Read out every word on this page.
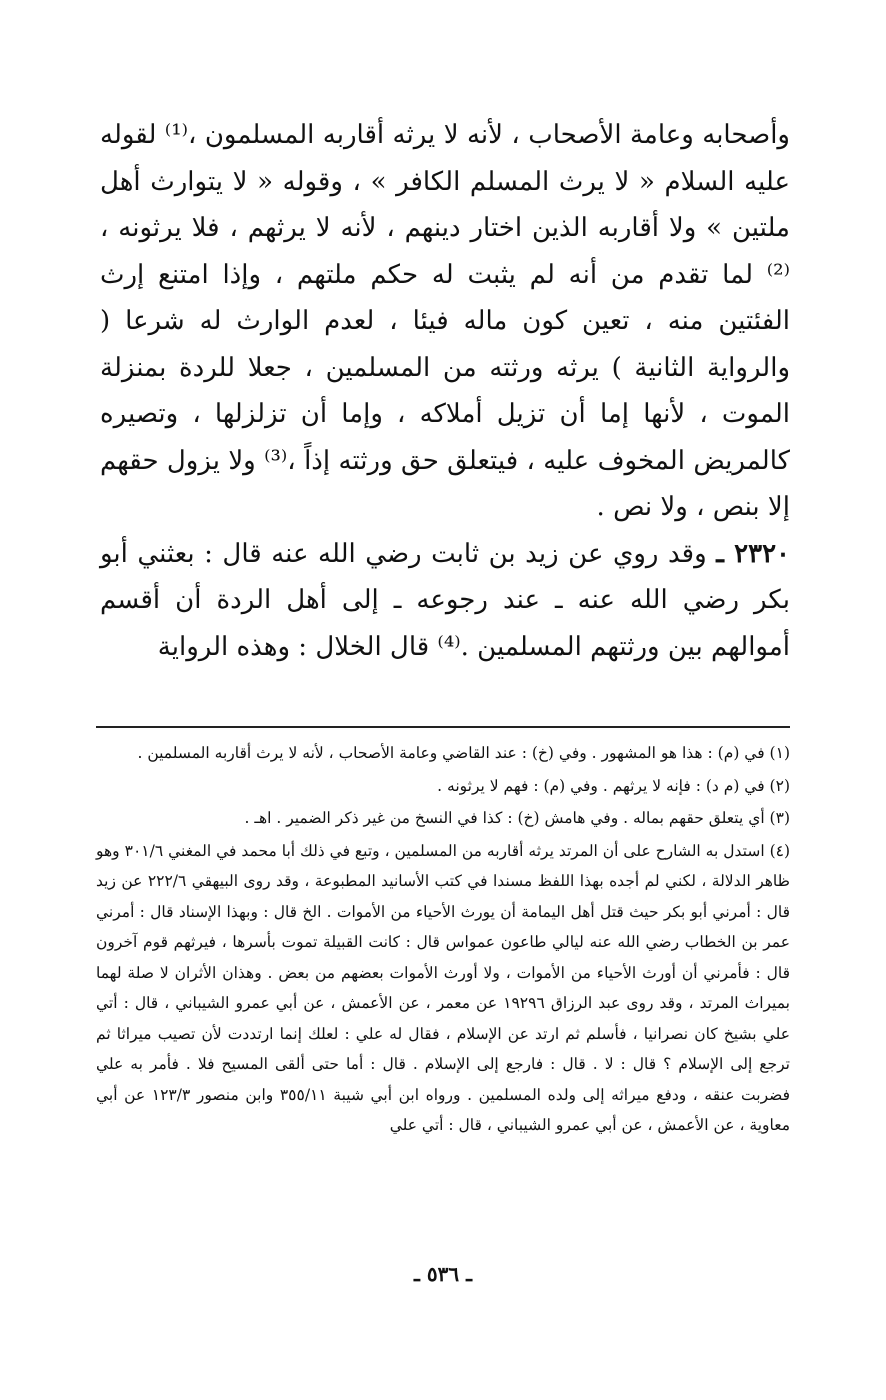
وأصحابه وعامة الأصحاب ، لأنه لا يرثه أقاربه المسلمون ،⁽¹⁾ لقوله عليه السلام « لا يرث المسلم الكافر » ، وقوله « لا يتوارث أهل ملتين » ولا أقاربه الذين اختار دينهم ، لأنه لا يرثهم ، فلا يرثونه ،⁽²⁾ لما تقدم من أنه لم يثبت له حكم ملتهم ، وإذا امتنع إرث الفئتين منه ، تعين كون ماله فيئا ، لعدم الوارث له شرعا ( والرواية الثانية ) يرثه ورثته من المسلمين ، جعلا للردة بمنزلة الموت ، لأنها إما أن تزيل أملاكه ، وإما أن تزلزلها ، وتصيره كالمريض المخوف عليه ، فيتعلق حق ورثته إذاً ،⁽³⁾ ولا يزول حقهم إلا بنص ، ولا نص .

٢٣٢٠ ـ وقد روي عن زيد بن ثابت رضي الله عنه قال : بعثني أبو بكر رضي الله عنه ـ عند رجوعه ـ إلى أهل الردة أن أقسم أموالهم بين ورثتهم المسلمين .⁽⁴⁾ قال الخلال : وهذه الرواية

(١) في (م) : هذا هو المشهور . وفي (خ) : عند القاضي وعامة الأصحاب ، لأنه لا يرث أقاربه المسلمين .

(٢) في (م د) : فإنه لا يرثهم . وفي (م) : فهم لا يرثونه .

(٣) أي يتعلق حقهم بماله . وفي هامش (خ) : كذا في النسخ من غير ذكر الضمير . اهـ .

(٤) استدل به الشارح على أن المرتد يرثه أقاربه من المسلمين ، وتبع في ذلك أبا محمد في المغني ٣٠١/٦ وهو ظاهر الدلالة ، لكني لم أجده بهذا اللفظ مسندا في كتب الأسانيد المطبوعة ، وقد روى البيهقي ٢٢٢/٦ عن زيد قال : أمرني أبو بكر حيث قتل أهل اليمامة أن يورث الأحياء من الأموات . الخ قال : وبهذا الإسناد قال : أمرني عمر بن الخطاب رضي الله عنه ليالي طاعون عمواس قال : كانت القبيلة تموت بأسرها ، فيرثهم قوم آخرون قال : فأمرني أن أورث الأحياء من الأموات ، ولا أورث الأموات بعضهم من بعض . وهذان الأثران لا صلة لهما بميراث المرتد ، وقد روى عبد الرزاق ١٩٢٩٦ عن معمر ، عن الأعمش ، عن أبي عمرو الشيباني ، قال : أتي علي بشيخ كان نصرانيا ، فأسلم ثم ارتد عن الإسلام ، فقال له علي : لعلك إنما ارتددت لأن تصيب ميراثا ثم ترجع إلى الإسلام ؟ قال : لا . قال : فارجع إلى الإسلام . قال : أما حتى ألقى المسيح فلا . فأمر به علي فضربت عنقه ، ودفع ميراثه إلى ولده المسلمين . ورواه ابن أبي شيبة ٣٥٥/١١ وابن منصور ١٢٣/٣ عن أبي معاوية ، عن الأعمش ، عن أبي عمرو الشيباني ، قال : أتي علي

ـ ٥٣٦ ـ
